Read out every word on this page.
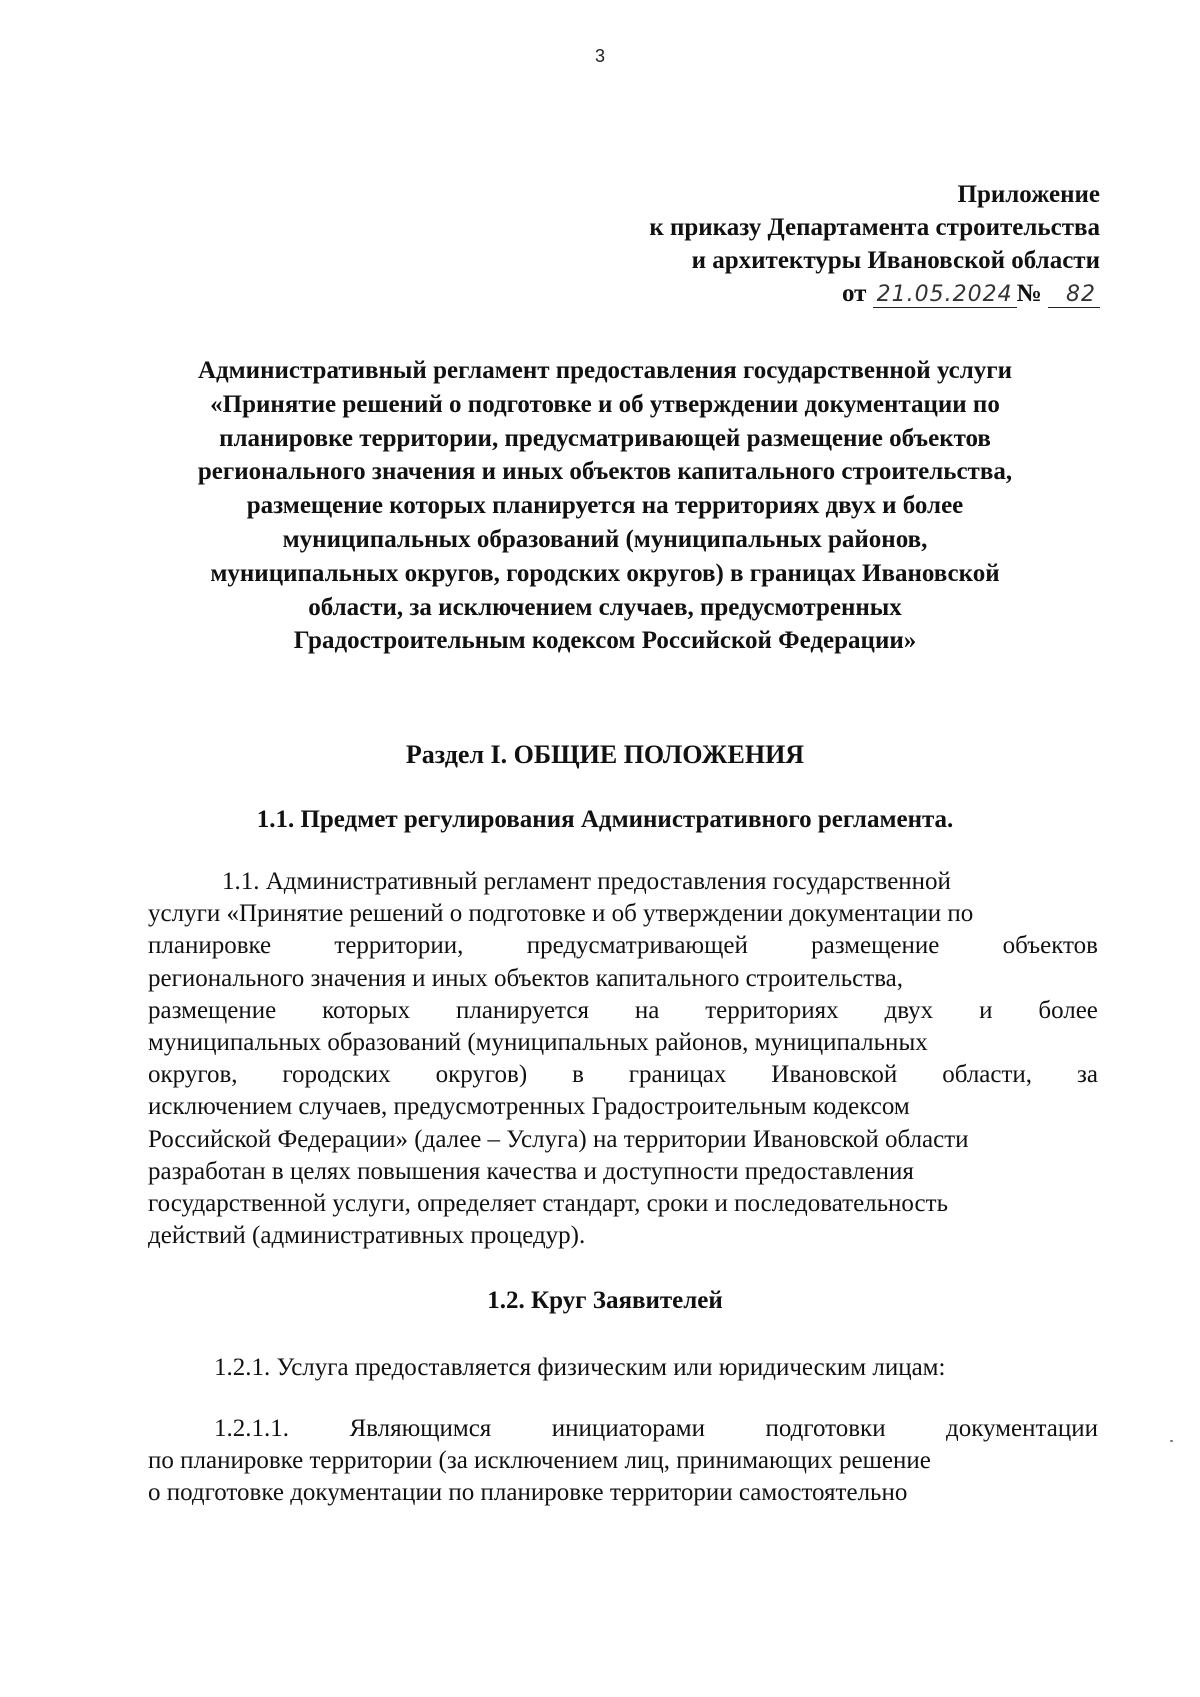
3
Приложение
к приказу Департамента строительства
и архитектуры Ивановской области
от 21.05.2024 № 82
Административный регламент предоставления государственной услуги
«Принятие решений о подготовке и об утверждении документации по
планировке территории, предусматривающей размещение объектов
регионального значения и иных объектов капитального строительства,
размещение которых планируется на территориях двух и более
муниципальных образований (муниципальных районов,
муниципальных округов, городских округов) в границах Ивановской
области, за исключением случаев, предусмотренных
Градостроительным кодексом Российской Федерации»
Раздел I. ОБЩИЕ ПОЛОЖЕНИЯ
1.1. Предмет регулирования Административного регламента.
1.1. Административный регламент предоставления государственной
услуги «Принятие решений о подготовке и об утверждении документации по
планировке	территории,	предусматривающей	размещение	объектов
регионального значения и иных объектов капитального строительства,
размещение которых планируется на территориях двух и более
муниципальных образований (муниципальных районов, муниципальных
округов, городских округов) в границах Ивановской области, за
исключением случаев, предусмотренных Градостроительным кодексом
Российской Федерации» (далее – Услуга) на территории Ивановской области
разработан в целях повышения качества и доступности предоставления
государственной услуги, определяет стандарт, сроки и последовательность
действий (административных процедур).
1.2. Круг Заявителей
1.2.1. Услуга предоставляется физическим или юридическим лицам:
1.2.1.1. Являющимся инициаторами подготовки документации
по планировке территории (за исключением лиц, принимающих решение
о подготовке документации по планировке территории самостоятельно
